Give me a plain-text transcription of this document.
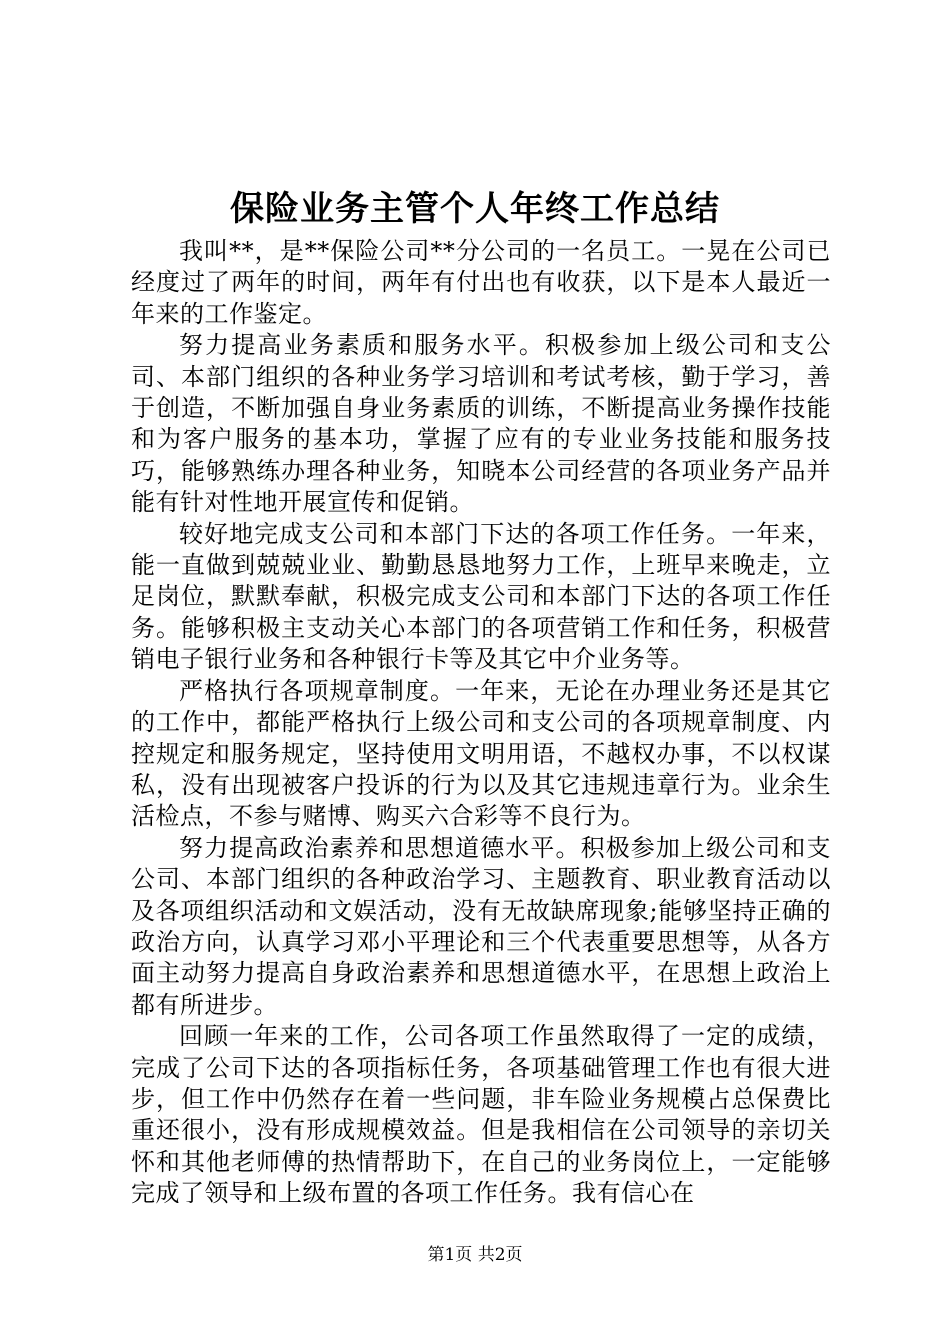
保险业务主管个人年终工作总结

我叫**，是**保险公司**分公司的一名员工。一晃在公司已经度过了两年的时间，两年有付出也有收获，以下是本人最近一年来的工作鉴定。

努力提高业务素质和服务水平。积极参加上级公司和支公司、本部门组织的各种业务学习培训和考试考核，勤于学习，善于创造，不断加强自身业务素质的训练，不断提高业务操作技能和为客户服务的基本功，掌握了应有的专业业务技能和服务技巧，能够熟练办理各种业务，知晓本公司经营的各项业务产品并能有针对性地开展宣传和促销。

较好地完成支公司和本部门下达的各项工作任务。一年来，能一直做到兢兢业业、勤勤恳恳地努力工作，上班早来晚走，立足岗位，默默奉献，积极完成支公司和本部门下达的各项工作任务。能够积极主支动关心本部门的各项营销工作和任务，积极营销电子银行业务和各种银行卡等及其它中介业务等。

严格执行各项规章制度。一年来，无论在办理业务还是其它的工作中，都能严格执行上级公司和支公司的各项规章制度、内控规定和服务规定，坚持使用文明用语，不越权办事，不以权谋私，没有出现被客户投诉的行为以及其它违规违章行为。业余生活检点，不参与赌博、购买六合彩等不良行为。

努力提高政治素养和思想道德水平。积极参加上级公司和支公司、本部门组织的各种政治学习、主题教育、职业教育活动以及各项组织活动和文娱活动，没有无故缺席现象;能够坚持正确的政治方向，认真学习邓小平理论和三个代表重要思想等，从各方面主动努力提高自身政治素养和思想道德水平，在思想上政治上都有所进步。

回顾一年来的工作，公司各项工作虽然取得了一定的成绩，完成了公司下达的各项指标任务，各项基础管理工作也有很大进步，但工作中仍然存在着一些问题，非车险业务规模占总保费比重还很小，没有形成规模效益。但是我相信在公司领导的亲切关怀和其他老师傅的热情帮助下，在自己的业务岗位上，一定能够完成了领导和上级布置的各项工作任务。我有信心在

第1页 共2页
